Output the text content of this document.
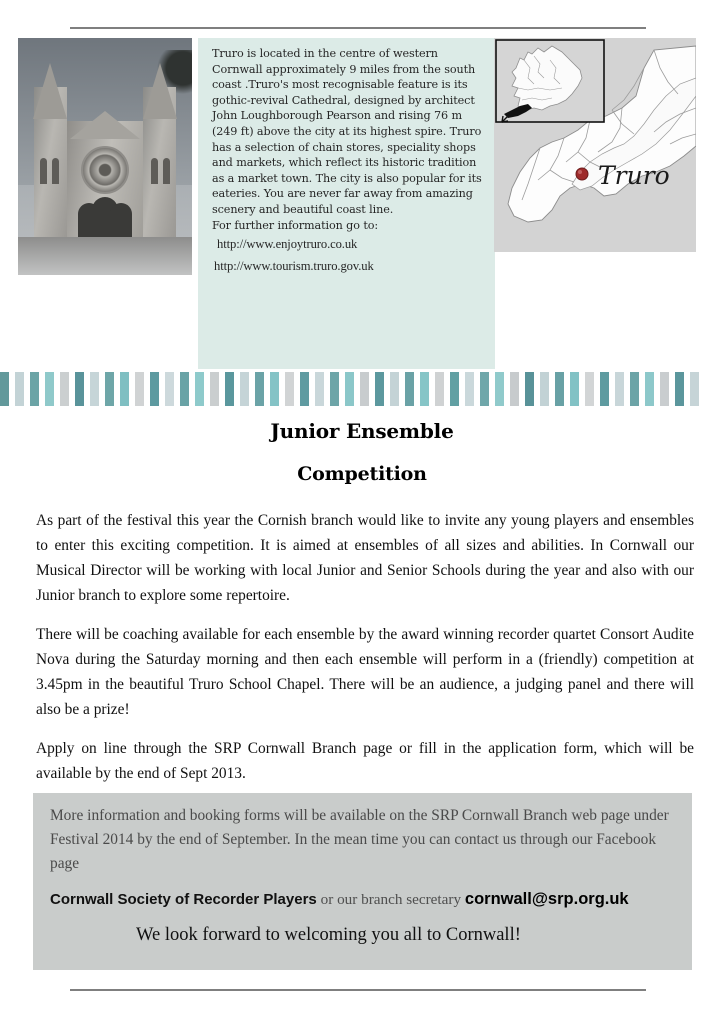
Truro is located in the centre of western Cornwall approximately 9 miles from the south coast .Truro's most recognisable feature is its gothic-revival Cathedral, designed by architect John Loughborough Pearson and rising 76 m (249 ft) above the city at its highest spire. Truro has a selection of chain stores, speciality shops and markets, which reflect its historic tradition as a market town. The city is also popular for its eateries. You are never far away from amazing scenery and beautiful coast line.

For further information go to:

http://www.enjoytruro.co.uk

http://www.tourism.truro.gov.uk

Truro
Junior Ensemble
Competition

As part of the festival this year the Cornish branch would like to invite any young players and ensembles to enter this exciting competition. It is aimed at ensembles of all sizes and abilities. In Cornwall our Musical Director will be working with local Junior and Senior Schools during the year and also with our Junior branch to explore some repertoire.

There will be coaching available for each ensemble by the award winning recorder quartet Consort Audite Nova during the Saturday morning and then each ensemble will perform in a (friendly) competition at 3.45pm in the beautiful Truro School Chapel. There will be an audience, a judging panel and there will also be a prize!

Apply on line through the SRP Cornwall Branch page or fill in the application form, which will be available by the end of Sept 2013.

More information and booking forms will be available on the SRP Cornwall Branch web page under Festival 2014 by the end of September. In the mean time you can contact us through our Facebook page

Cornwall Society of Recorder Players or our branch secretary cornwall@srp.org.uk

We look forward to welcoming you all to Cornwall!
